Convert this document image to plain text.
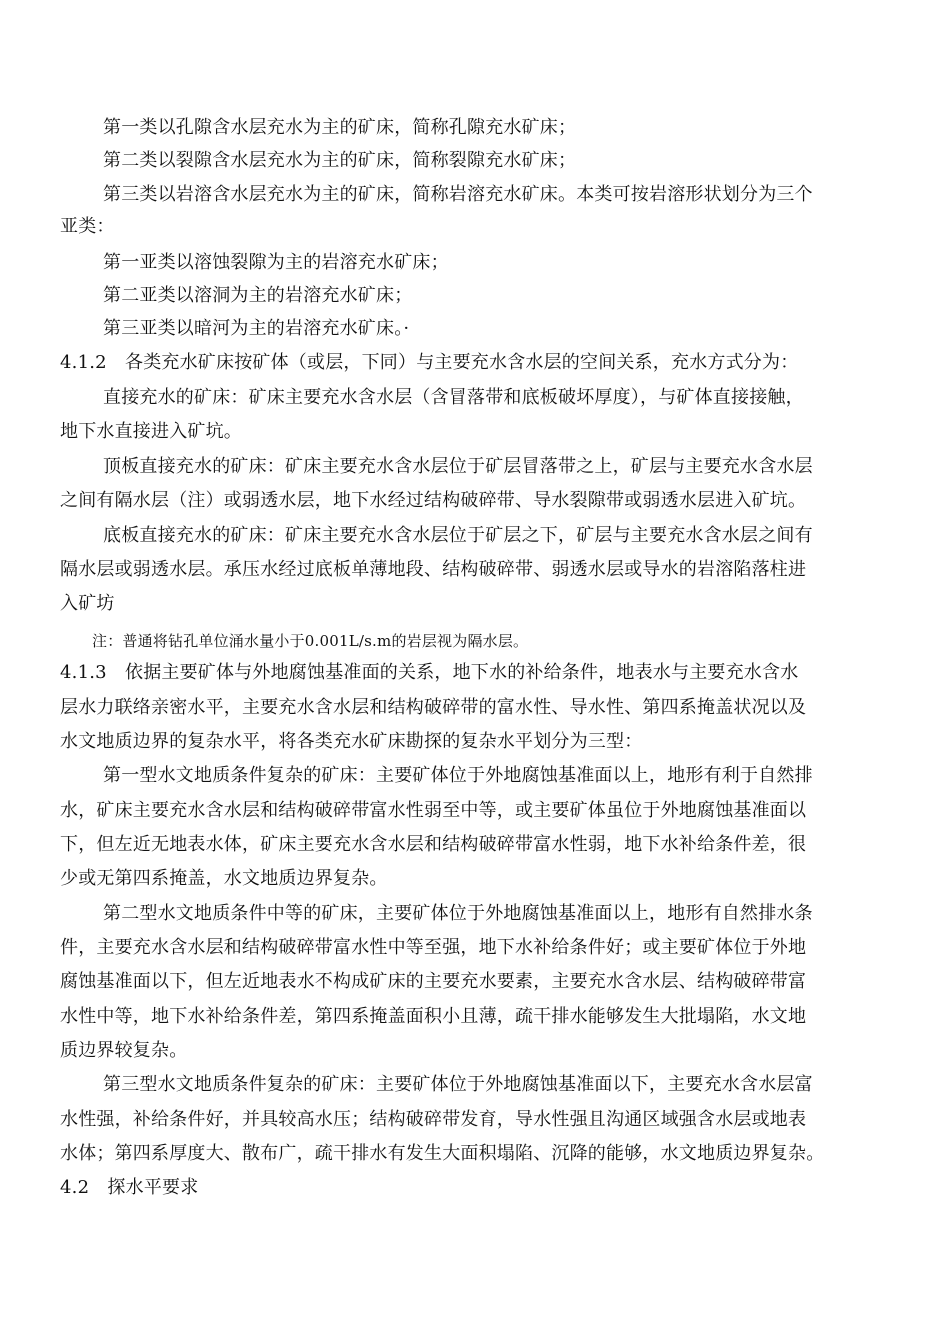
第一类以孔隙含水层充水为主的矿床，简称孔隙充水矿床；
第二类以裂隙含水层充水为主的矿床，简称裂隙充水矿床；
第三类以岩溶含水层充水为主的矿床，简称岩溶充水矿床。本类可按岩溶形状划分为三个
亚类：
第一亚类以溶蚀裂隙为主的岩溶充水矿床；
第二亚类以溶洞为主的岩溶充水矿床；
第三亚类以暗河为主的岩溶充水矿床。·
4.1.2　各类充水矿床按矿体（或层，下同）与主要充水含水层的空间关系，充水方式分为：
直接充水的矿床：矿床主要充水含水层（含冒落带和底板破坏厚度），与矿体直接接触，
地下水直接进入矿坑。
顶板直接充水的矿床：矿床主要充水含水层位于矿层冒落带之上，矿层与主要充水含水层
之间有隔水层（注）或弱透水层，地下水经过结构破碎带、导水裂隙带或弱透水层进入矿坑。
底板直接充水的矿床：矿床主要充水含水层位于矿层之下，矿层与主要充水含水层之间有
隔水层或弱透水层。承压水经过底板单薄地段、结构破碎带、弱透水层或导水的岩溶陷落柱进
入矿坊
注：普通将钻孔单位涌水量小于0.001L/s.m的岩层视为隔水层。
4.1.3　依据主要矿体与外地腐蚀基准面的关系，地下水的补给条件，地表水与主要充水含水
层水力联络亲密水平，主要充水含水层和结构破碎带的富水性、导水性、第四系掩盖状况以及
水文地质边界的复杂水平，将各类充水矿床勘探的复杂水平划分为三型：
第一型水文地质条件复杂的矿床：主要矿体位于外地腐蚀基准面以上，地形有利于自然排
水，矿床主要充水含水层和结构破碎带富水性弱至中等，或主要矿体虽位于外地腐蚀基准面以
下，但左近无地表水体，矿床主要充水含水层和结构破碎带富水性弱，地下水补给条件差，很
少或无第四系掩盖，水文地质边界复杂。
第二型水文地质条件中等的矿床，主要矿体位于外地腐蚀基准面以上，地形有自然排水条
件，主要充水含水层和结构破碎带富水性中等至强，地下水补给条件好；或主要矿体位于外地
腐蚀基准面以下，但左近地表水不构成矿床的主要充水要素，主要充水含水层、结构破碎带富
水性中等，地下水补给条件差，第四系掩盖面积小且薄，疏干排水能够发生大批塌陷，水文地
质边界较复杂。
第三型水文地质条件复杂的矿床：主要矿体位于外地腐蚀基准面以下，主要充水含水层富
水性强，补给条件好，并具较高水压；结构破碎带发育，导水性强且沟通区域强含水层或地表
水体；第四系厚度大、散布广，疏干排水有发生大面积塌陷、沉降的能够，水文地质边界复杂。
4.2　探水平要求
